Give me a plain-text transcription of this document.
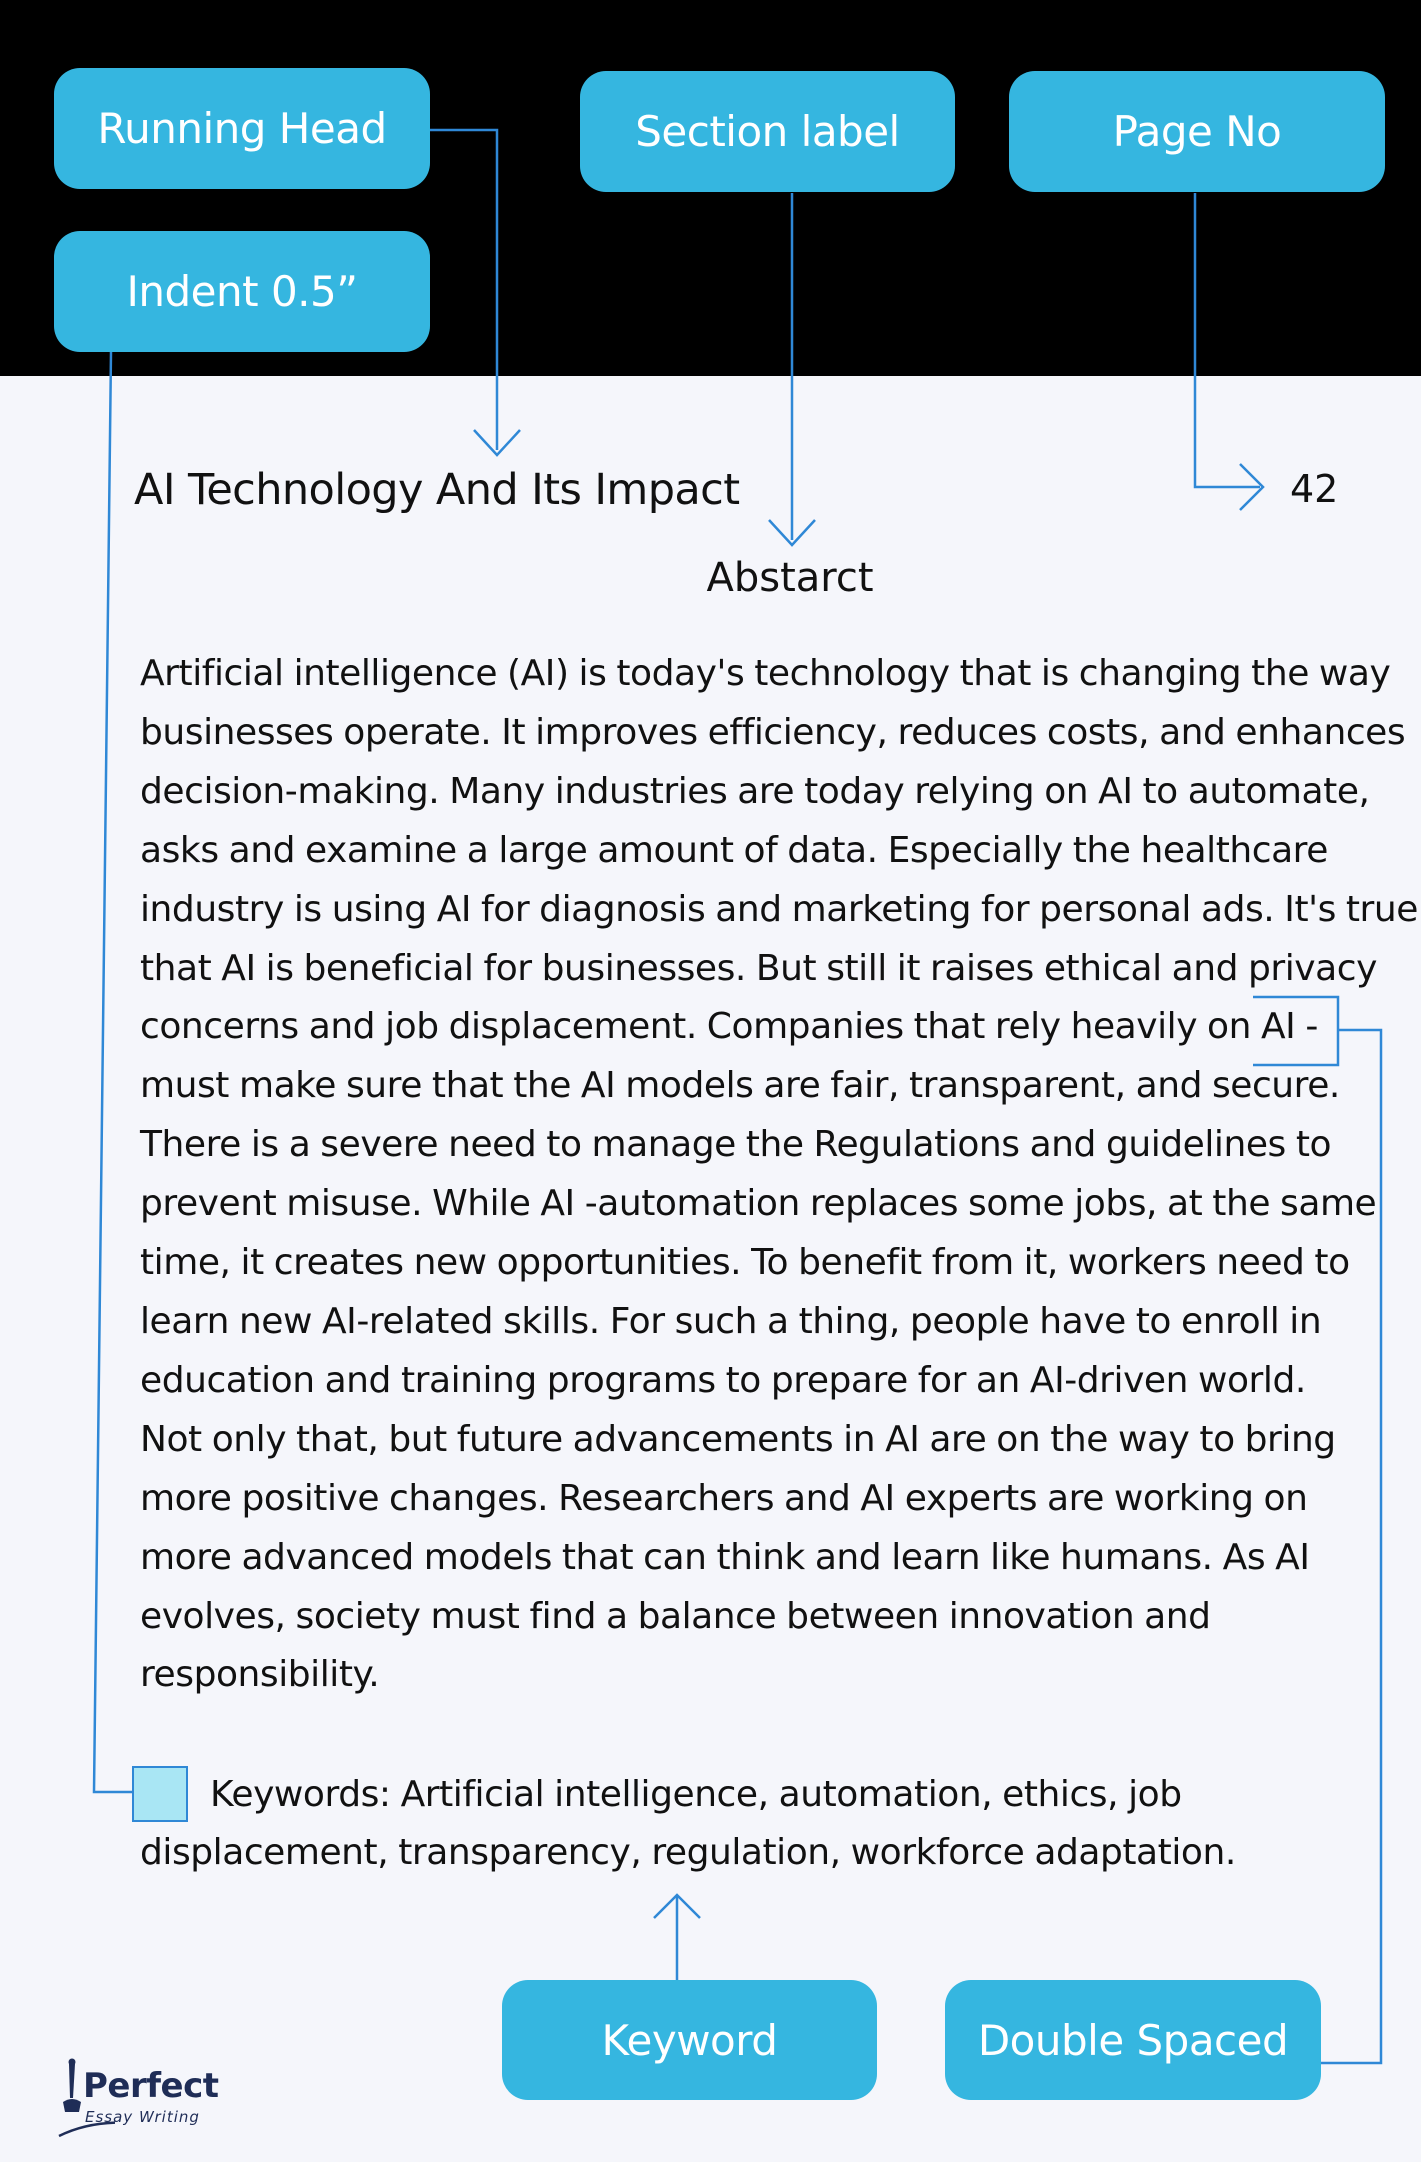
Running Head	Section label	Page No
Indent 0.5”
Keyword	Double Spaced
AI Technology And Its Impact	42
Abstarct
Artificial intelligence (AI) is today's technology that is changing the way
businesses operate. It improves efficiency, reduces costs, and enhances
decision-making. Many industries are today relying on AI to automate,
asks and examine a large amount of data. Especially the healthcare
industry is using AI for diagnosis and marketing for personal ads. It's true
that AI is beneficial for businesses. But still it raises ethical and privacy
concerns and job displacement. Companies that rely heavily on AI -
must make sure that the AI models are fair, transparent, and secure.
There is a severe need to manage the Regulations and guidelines to
prevent misuse. While AI -automation replaces some jobs, at the same
time, it creates new opportunities. To benefit from it, workers need to
learn new AI-related skills. For such a thing, people have to enroll in
education and training programs to prepare for an AI-driven world.
Not only that, but future advancements in AI are on the way to bring
more positive changes. Researchers and AI experts are working on
more advanced models that can think and learn like humans. As AI
evolves, society must find a balance between innovation and
responsibility.
Keywords: Artificial intelligence, automation, ethics, job
displacement, transparency, regulation, workforce adaptation.
Perfect
Essay Writing
